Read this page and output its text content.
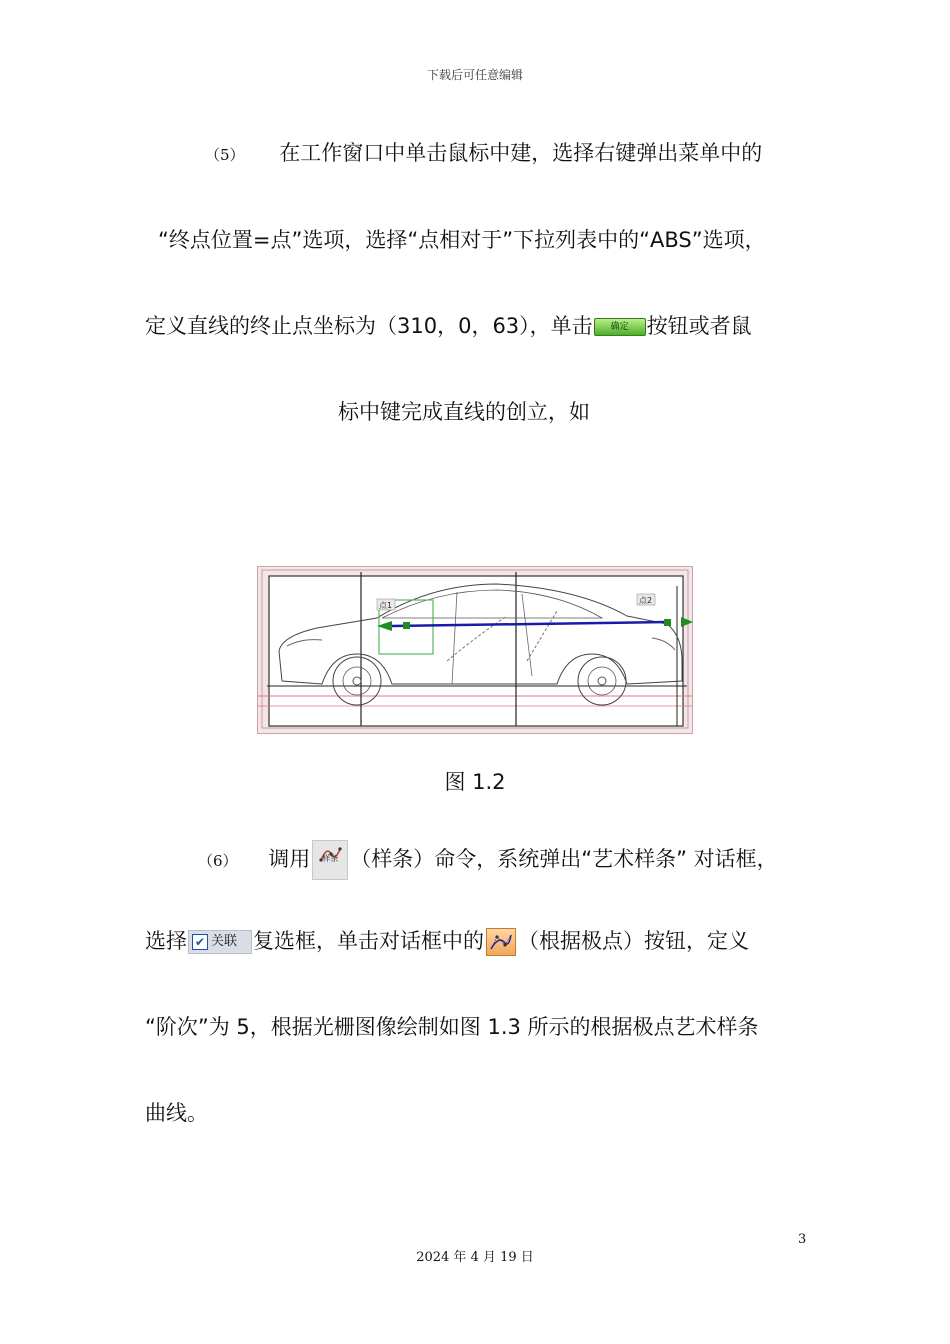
下载后可任意编辑
（5） 在工作窗口中单击鼠标中建，选择右键弹出菜单中的
“终点位置=点”选项，选择“点相对于”下拉列表中的“ABS”选项，
定义直线的终止点坐标为（310，0，63），单击 确定 按钮或者鼠
标中键完成直线的创立，如
点1
点2
图 1.2
（6） 调用	样条 （样条）命令，系统弹出“艺术样条” 对话框，
选择 ✔ 关联 复选框，单击对话框中的 （根据极点）按钮，定义
“阶次”为 5，根据光栅图像绘制如图 1.3 所示的根据极点艺术样条
曲线。
3
2024 年 4 月 19 日
